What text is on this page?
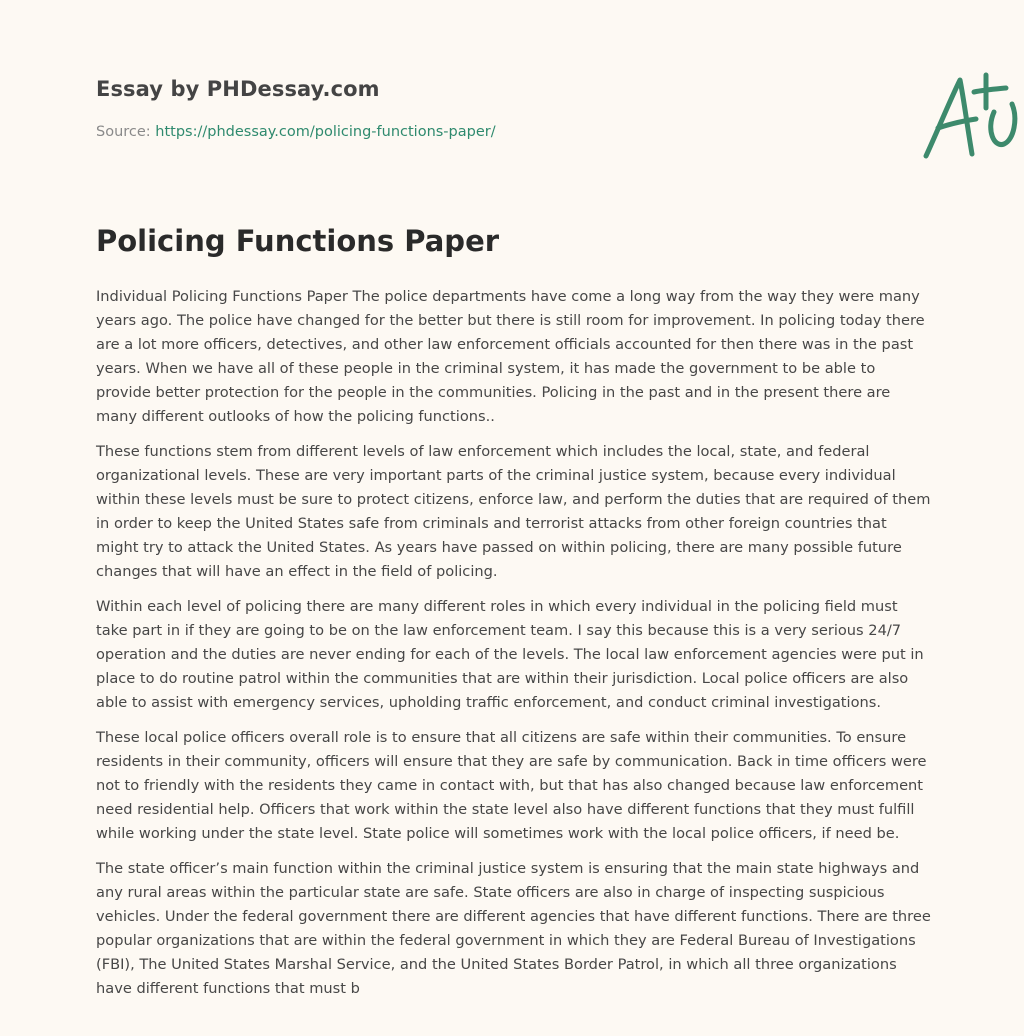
Essay by PHDessay.com
Source: https://phdessay.com/policing-functions-paper/
Policing Functions Paper

Individual Policing Functions Paper The police departments have come a long way from the way they were many years ago. The police have changed for the better but there is still room for improvement. In policing today there are a lot more officers, detectives, and other law enforcement officials accounted for then there was in the past years. When we have all of these people in the criminal system, it has made the government to be able to provide better protection for the people in the communities. Policing in the past and in the present there are many different outlooks of how the policing functions..

These functions stem from different levels of law enforcement which includes the local, state, and federal organizational levels. These are very important parts of the criminal justice system, because every individual within these levels must be sure to protect citizens, enforce law, and perform the duties that are required of them in order to keep the United States safe from criminals and terrorist attacks from other foreign countries that might try to attack the United States. As years have passed on within policing, there are many possible future changes that will have an effect in the field of policing.

Within each level of policing there are many different roles in which every individual in the policing field must take part in if they are going to be on the law enforcement team. I say this because this is a very serious 24/7 operation and the duties are never ending for each of the levels. The local law enforcement agencies were put in place to do routine patrol within the communities that are within their jurisdiction. Local police officers are also able to assist with emergency services, upholding traffic enforcement, and conduct criminal investigations.

These local police officers overall role is to ensure that all citizens are safe within their communities. To ensure residents in their community, officers will ensure that they are safe by communication. Back in time officers were not to friendly with the residents they came in contact with, but that has also changed because law enforcement need residential help. Officers that work within the state level also have different functions that they must fulfill while working under the state level. State police will sometimes work with the local police officers, if need be.

The state officer’s main function within the criminal justice system is ensuring that the main state highways and any rural areas within the particular state are safe. State officers are also in charge of inspecting suspicious vehicles. Under the federal government there are different agencies that have different functions. There are three popular organizations that are within the federal government in which they are Federal Bureau of Investigations (FBI), The United States Marshal Service, and the United States Border Patrol, in which all three organizations have different functions that must b
